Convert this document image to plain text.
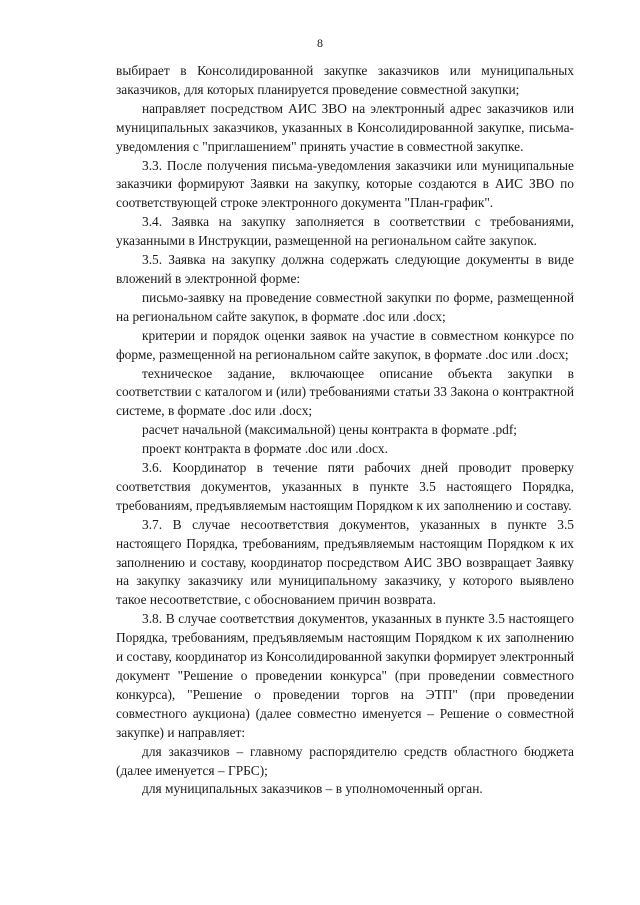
8

выбирает в Консолидированной закупке заказчиков или муниципальных заказчиков, для которых планируется проведение совместной закупки;

направляет посредством АИС ЗВО на электронный адрес заказчиков или муниципальных заказчиков, указанных в Консолидированной закупке, письма-уведомления с "приглашением" принять участие в совместной закупке.

3.3. После получения письма-уведомления заказчики или муниципальные заказчики формируют Заявки на закупку, которые создаются в АИС ЗВО по соответствующей строке электронного документа "План-график".

3.4. Заявка на закупку заполняется в соответствии с требованиями, указанными в Инструкции, размещенной на региональном сайте закупок.

3.5. Заявка на закупку должна содержать следующие документы в виде вложений в электронной форме:

письмо-заявку на проведение совместной закупки по форме, размещенной на региональном сайте закупок, в формате .doc или .docx;

критерии и порядок оценки заявок на участие в совместном конкурсе по форме, размещенной на региональном сайте закупок, в формате .doc или .docx;

техническое задание, включающее описание объекта закупки в соответствии с каталогом и (или) требованиями статьи 33 Закона о контрактной системе, в формате .doc или .docx;

расчет начальной (максимальной) цены контракта в формате .pdf;

проект контракта в формате .doc или .docx.

3.6. Координатор в течение пяти рабочих дней проводит проверку соответствия документов, указанных в пункте 3.5 настоящего Порядка, требованиям, предъявляемым настоящим Порядком к их заполнению и составу.

3.7. В случае несоответствия документов, указанных в пункте 3.5 настоящего Порядка, требованиям, предъявляемым настоящим Порядком к их заполнению и составу, координатор посредством АИС ЗВО возвращает Заявку на закупку заказчику или муниципальному заказчику, у которого выявлено такое несоответствие, с обоснованием причин возврата.

3.8. В случае соответствия документов, указанных в пункте 3.5 настоящего Порядка, требованиям, предъявляемым настоящим Порядком к их заполнению и составу, координатор из Консолидированной закупки формирует электронный документ "Решение о проведении конкурса" (при проведении совместного конкурса), "Решение о проведении торгов на ЭТП" (при проведении совместного аукциона) (далее совместно именуется – Решение о совместной закупке) и направляет:

для заказчиков – главному распорядителю средств областного бюджета (далее именуется – ГРБС);

для муниципальных заказчиков – в уполномоченный орган.
